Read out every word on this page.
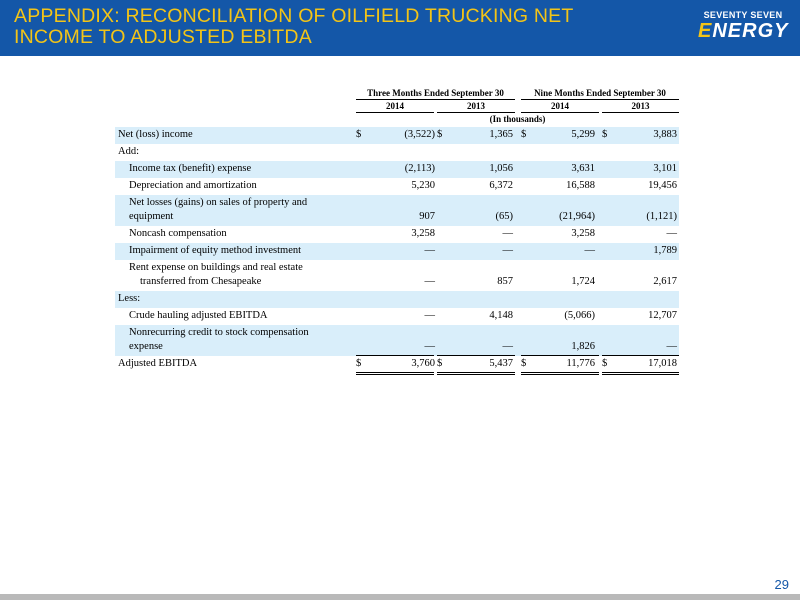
APPENDIX: RECONCILIATION OF OILFIELD TRUCKING NET
INCOME TO ADJUSTED EBITDA
SEVENTY SEVEN
ENERGY
Three Months Ended September 30	Nine Months Ended September 30
2014	2013	2014	2013
(In thousands)
Net (loss) income	$	(3,522) $	1,365 $	5,299 $	3,883
Add:
Income tax (benefit) expense	(2,113)	1,056	3,631	3,101
Depreciation and amortization	5,230	6,372	16,588	19,456
Net losses (gains) on sales of property and
equipment	907	(65)	(21,964)	(1,121)
Noncash compensation	3,258	—	3,258	—
Impairment of equity method investment	—	—	—	1,789
Rent expense on buildings and real estate
transferred from Chesapeake	—	857	1,724	2,617
Less:
Crude hauling adjusted EBITDA	—	4,148	(5,066)	12,707
Nonrecurring credit to stock compensation
expense	—	—	1,826	—
Adjusted EBITDA	$	3,760 $	5,437 $	11,776 $	17,018
29
